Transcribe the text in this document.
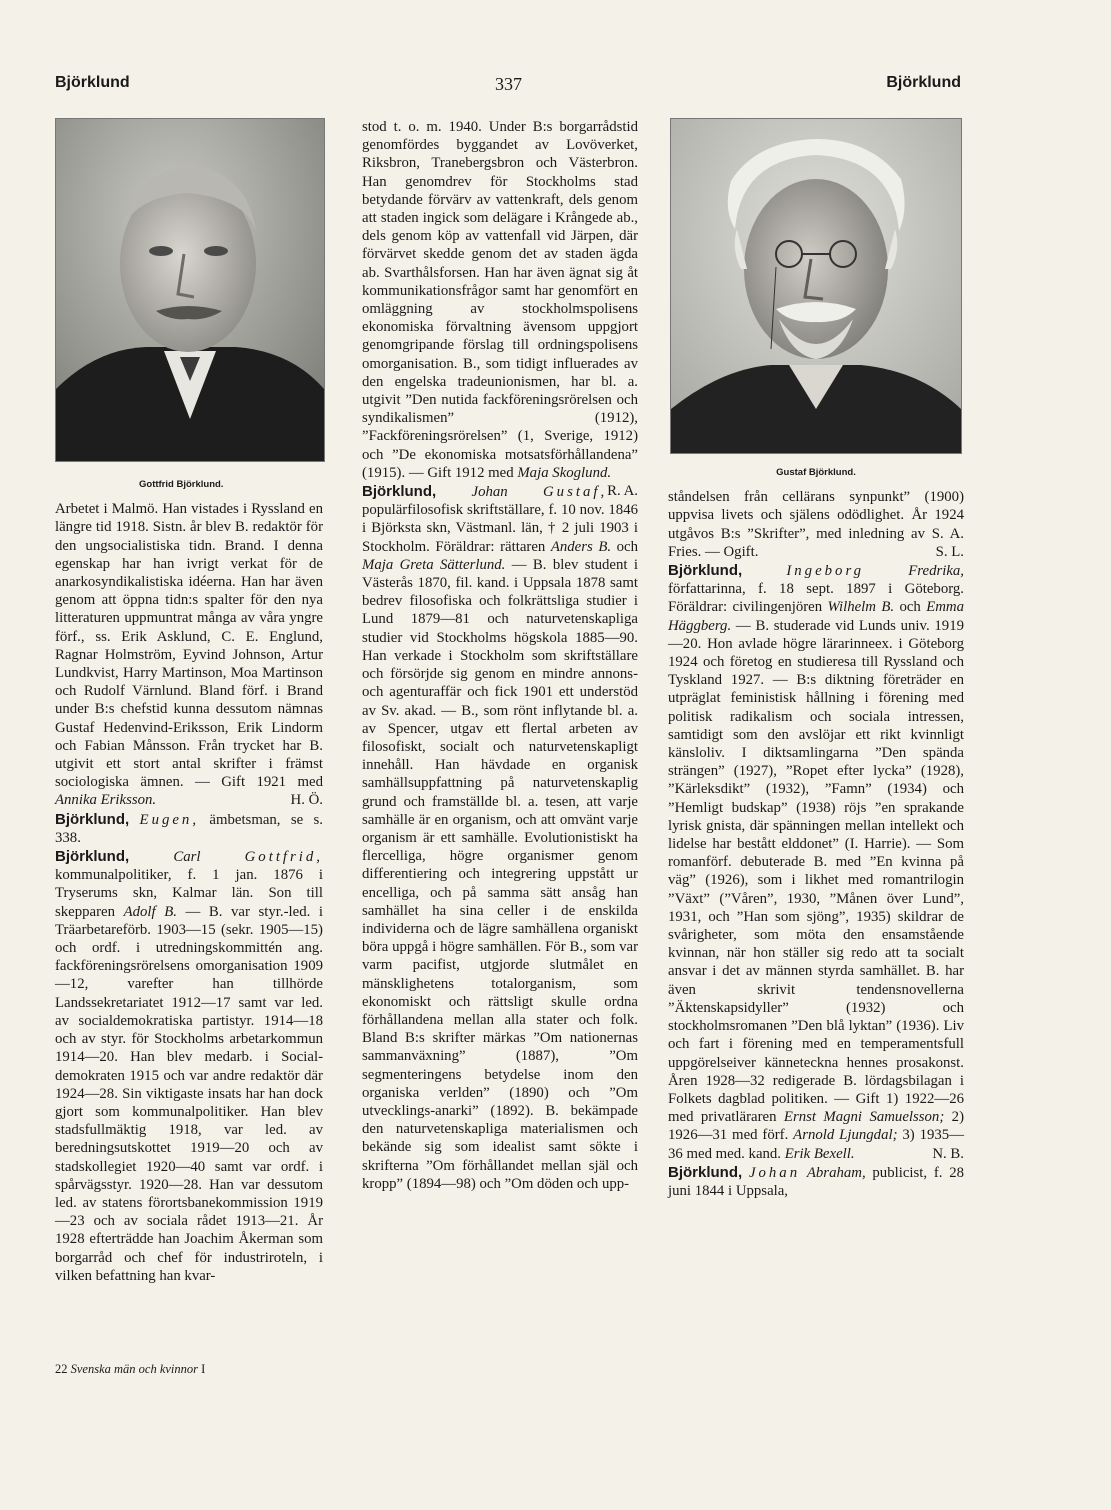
Björklund	337	Björklund
Gottfrid Björklund.

Arbetet i Malmö. Han vistades i Ryssland en längre tid 1918. Sistn. år blev B. redaktör för den ungsocialistiska tidn. Brand. I denna egenskap har han ivrigt verkat för de anarkosyndikalistiska idéerna. Han har även genom att öppna tidn:s spalter för den nya litteraturen uppmuntrat många av våra yngre förf., ss. Erik Asklund, C. E. Englund, Ragnar Holmström, Eyvind Johnson, Artur Lundkvist, Harry Martinson, Moa Martinson och Rudolf Värnlund. Bland förf. i Brand under B:s chefstid kunna dessutom nämnas Gustaf Hedenvind-Eriksson, Erik Lindorm och Fabian Månsson. Från trycket har B. utgivit ett stort antal skrifter i främst sociologiska ämnen. — Gift 1921 med Annika Eriksson.	H. Ö.

Björklund, Eugen, ämbetsman, se s. 338.

Björklund,	Carl	Gottfrid, kommunalpolitiker, f. 1 jan. 1876 i Tryserums skn, Kalmar län. Son till skepparen Adolf B. — B. var styr.-led. i Träarbetareförb. 1903—15 (sekr. 1905—15) och ordf. i utredningskommittén ang. fackföreningsrörelsens omorganisation 1909—12, varefter han tillhörde Landssekretariatet 1912—17 samt var led. av socialdemokratiska partistyr. 1914—18 och av styr. för Stockholms arbetarkommun 1914—20. Han blev medarb. i Social-demokraten 1915 och var andre redaktör där 1924—28. Sin viktigaste insats har han dock gjort som kommunalpolitiker. Han blev stadsfullmäktig 1918, var led. av beredningsutskottet 1919—20 och av stadskollegiet 1920—40 samt var ordf. i spårvägsstyr. 1920—28. Han var dessutom led. av statens förortsbanekommission 1919—23 och av sociala rådet 1913—21. År 1928 efterträdde han Joachim Åkerman som borgarråd och chef för industriroteln, i vilken befattning han kvar-

stod t. o. m. 1940. Under B:s borgarrådstid genomfördes byggandet av Lovöverket, Riksbron, Tranebergsbron och Västerbron. Han genomdrev för Stockholms stad betydande förvärv av vattenkraft, dels genom att staden ingick som delägare i Krångede ab., dels genom köp av vattenfall vid Järpen, där förvärvet skedde genom det av staden ägda ab. Svarthålsforsen. Han har även ägnat sig åt kommunikationsfrågor samt har genomfört en omläggning av stockholmspolisens ekonomiska förvaltning ävensom uppgjort genomgripande förslag till ordningspolisens omorganisation. B., som tidigt influerades av den engelska tradeunionismen, har bl. a. utgivit ”Den nutida fackföreningsrörelsen och syndikalismen” (1912), ”Fackföreningsrörelsen” (1, Sverige, 1912) och ”De ekonomiska motsatsförhållandena” (1915). — Gift 1912 med Maja Skoglund.
R. A.

Björklund, Johan Gustaf, populärfilosofisk skriftställare, f. 10 nov. 1846 i Björksta skn, Västmanl. län, † 2 juli 1903 i Stockholm. Föräldrar: rättaren Anders B. och Maja Greta Sätterlund. — B. blev student i Västerås 1870, fil. kand. i Uppsala 1878 samt bedrev filosofiska och folkrättsliga studier i Lund 1879—81 och naturvetenskapliga studier vid Stockholms högskola 1885—90. Han verkade i Stockholm som skriftställare och försörjde sig genom en mindre annons- och agenturaffär och fick 1901 ett understöd av Sv. akad. — B., som rönt inflytande bl. a. av Spencer, utgav ett flertal arbeten av filosofiskt, socialt och naturvetenskapligt innehåll. Han hävdade en organisk samhällsuppfattning på naturvetenskaplig grund och framställde bl. a. tesen, att varje samhälle är en organism, och att omvänt varje organism är ett samhälle. Evolutionistiskt ha flercelliga, högre organismer genom differentiering och integrering uppstått ur encelliga, och på samma sätt ansåg han samhället ha sina celler i de enskilda individerna och de lägre samhällena organiskt böra uppgå i högre samhällen. För B., som var varm pacifist, utgjorde slutmålet en mänsklighetens totalorganism, som ekonomiskt och rättsligt skulle ordna förhållandena mellan alla stater och folk. Bland B:s skrifter märkas ”Om nationernas sammanväxning” (1887), ”Om segmenteringens betydelse inom den organiska verlden” (1890) och ”Om utvecklings-anarki” (1892). B. bekämpade den naturvetenskapliga materialismen och bekände sig som idealist samt sökte i skrifterna ”Om förhållandet mellan själ och kropp” (1894—98) och ”Om döden och upp-

Gustaf Björklund.

ståndelsen från cellärans synpunkt” (1900) uppvisa livets och själens odödlighet. År 1924 utgåvos B:s ”Skrifter”, med inledning av S. A. Fries. — Ogift.	S. L.

Björklund,	Ingeborg	Fredrika, författarinna, f. 18 sept. 1897 i Göteborg. Föräldrar: civilingenjören Wilhelm B. och Emma Häggberg. — B. studerade vid Lunds univ. 1919—20. Hon avlade högre lärarinneex. i Göteborg 1924 och företog en studieresa till Ryssland och Tyskland 1927. — B:s diktning företräder en utpräglat feministisk hållning i förening med politisk radikalism och sociala intressen, samtidigt som den avslöjar ett rikt kvinnligt känsloliv. I diktsamlingarna ”Den spända strängen” (1927), ”Ropet efter lycka” (1928), ”Kärleksdikt” (1932), ”Famn” (1934) och ”Hemligt budskap” (1938) röjs ”en sprakande lyrisk gnista, där spänningen mellan intellekt och lidelse har bestått elddonet” (I. Harrie). — Som romanförf. debuterade B. med ”En kvinna på väg” (1926), som i likhet med romantrilogin ”Växt” (”Våren”, 1930, ”Månen över Lund”, 1931, och ”Han som sjöng”, 1935) skildrar de svårigheter, som möta den ensamstående kvinnan, när hon ställer sig redo att ta socialt ansvar i det av männen styrda samhället. B. har även skrivit tendensnovellerna ”Äktenskapsidyller” (1932) och stockholmsromanen ”Den blå lyktan” (1936). Liv och fart i förening med en temperamentsfull uppgörelseiver känneteckna hennes prosakonst. Åren 1928—32 redigerade B. lördagsbilagan i Folkets dagblad politiken. — Gift 1) 1922—26 med privatläraren Ernst Magni Samuelsson; 2) 1926—31 med förf. Arnold Ljungdal; 3) 1935—36 med med. kand. Erik Bexell.	N. B.

Björklund, Johan Abraham, publicist, f. 28 juni 1844 i Uppsala,

22 Svenska män och kvinnor I
